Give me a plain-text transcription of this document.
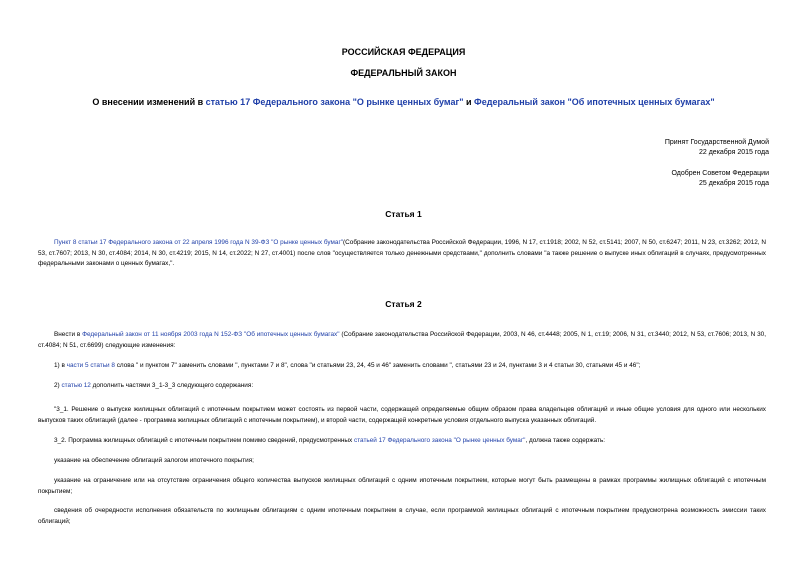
РОССИЙСКАЯ ФЕДЕРАЦИЯ
ФЕДЕРАЛЬНЫЙ ЗАКОН
О внесении изменений в статью 17 Федерального закона "О рынке ценных бумаг" и Федеральный закон "Об ипотечных ценных бумагах"
Принят Государственной Думой
22 декабря 2015 года
Одобрен Советом Федерации
25 декабря 2015 года
Статья 1
Пункт 8 статьи 17 Федерального закона от 22 апреля 1996 года N 39-ФЗ "О рынке ценных бумаг"(Собрание законодательства Российской Федерации, 1996, N 17, ст.1918; 2002, N 52, ст.5141; 2007, N 50, ст.6247; 2011, N 23, ст.3262; 2012, N 53, ст.7607; 2013, N 30, ст.4084; 2014, N 30, ст.4219; 2015, N 14, ст.2022; N 27, ст.4001) после слов "осуществляется только денежными средствами," дополнить словами "а также решение о выпуске иных облигаций в случаях, предусмотренных федеральными законами о ценных бумагах,".
Статья 2
Внести в Федеральный закон от 11 ноября 2003 года N 152-ФЗ "Об ипотечных ценных бумагах" (Собрание законодательства Российской Федерации, 2003, N 46, ст.4448; 2005, N 1, ст.19; 2006, N 31, ст.3440; 2012, N 53, ст.7606; 2013, N 30, ст.4084; N 51, ст.6699) следующие изменения:
1) в части 5 статьи 8 слова " и пунктом 7" заменить словами ", пунктами 7 и 8", слова "и статьями 23, 24, 45 и 46" заменить словами ", статьями 23 и 24, пунктами 3 и 4 статьи 30, статьями 45 и 46";
2) статью 12 дополнить частями 3_1-3_3 следующего содержания:
"3_1. Решение о выпуске жилищных облигаций с ипотечным покрытием может состоять из первой части, содержащей определяемые общим образом права владельцев облигаций и иные общие условия для одного или нескольких выпусков таких облигаций (далее - программа жилищных облигаций с ипотечным покрытием), и второй части, содержащей конкретные условия отдельного выпуска указанных облигаций.
3_2. Программа жилищных облигаций с ипотечным покрытием помимо сведений, предусмотренных статьей 17 Федерального закона "О рынке ценных бумаг", должна также содержать:
указание на обеспечение облигаций залогом ипотечного покрытия;
указание на ограничение или на отсутствие ограничения общего количества выпусков жилищных облигаций с одним ипотечным покрытием, которые могут быть размещены в рамках программы жилищных облигаций с ипотечным покрытием;
сведения об очередности исполнения обязательств по жилищным облигациям с одним ипотечным покрытием в случае, если программой жилищных облигаций с ипотечным покрытием предусмотрена возможность эмиссии таких облигаций;
